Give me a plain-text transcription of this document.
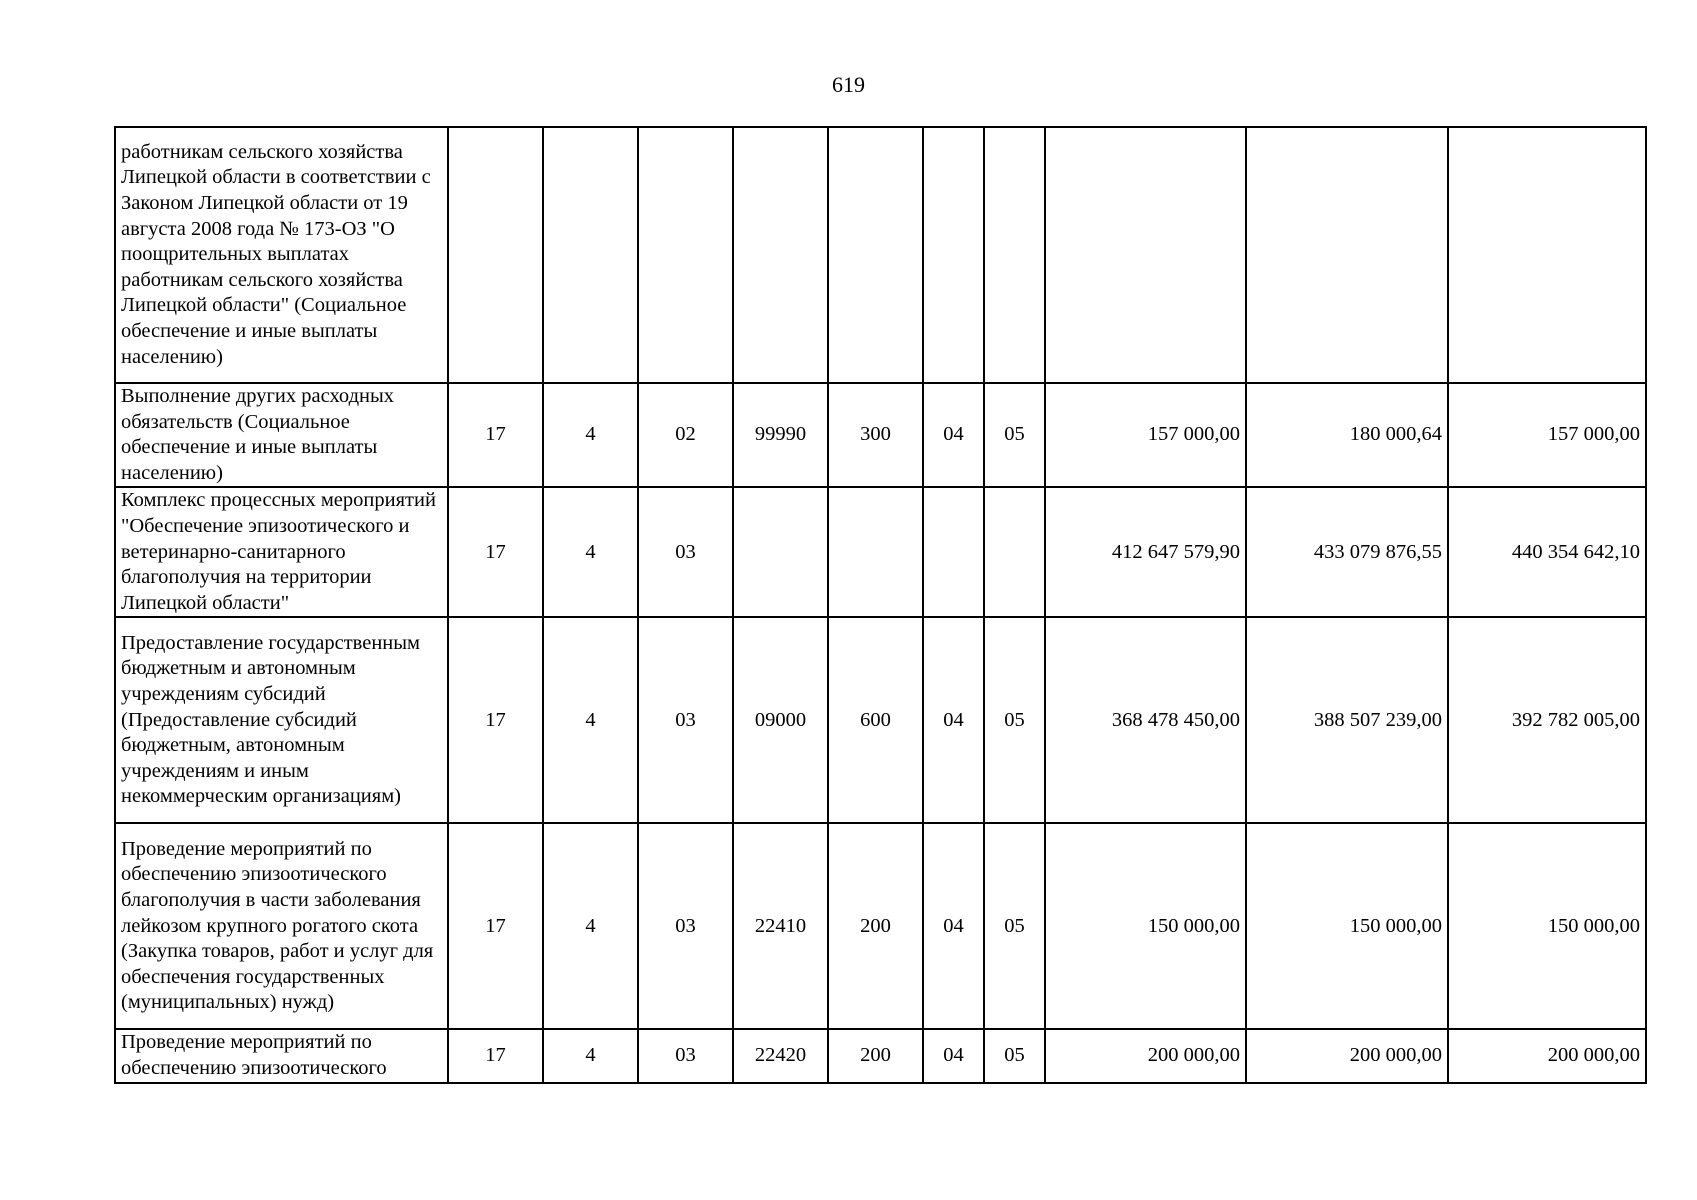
619
работникам сельского хозяйства Липецкой области в соответствии с Законом Липецкой области от 19 августа 2008 года № 173-ОЗ "О поощрительных выплатах работникам сельского хозяйства Липецкой области" (Социальное обеспечение и иные выплаты населению)										
Выполнение других расходных обязательств (Социальное обеспечение и иные выплаты населению)	17	4	02	99990	300	04	05	157 000,00	180 000,64	157 000,00
Комплекс процессных мероприятий "Обеспечение эпизоотического и ветеринарно-санитарного благополучия на территории Липецкой области"	17	4	03					412 647 579,90	433 079 876,55	440 354 642,10
Предоставление государственным бюджетным и автономным учреждениям субсидий (Предоставление субсидий бюджетным, автономным учреждениям и иным некоммерческим организациям)	17	4	03	09000	600	04	05	368 478 450,00	388 507 239,00	392 782 005,00
Проведение мероприятий по обеспечению эпизоотического благополучия в части заболевания лейкозом крупного рогатого скота (Закупка товаров, работ и услуг для обеспечения государственных (муниципальных) нужд)	17	4	03	22410	200	04	05	150 000,00	150 000,00	150 000,00
Проведение мероприятий по обеспечению эпизоотического	17	4	03	22420	200	04	05	200 000,00	200 000,00	200 000,00
